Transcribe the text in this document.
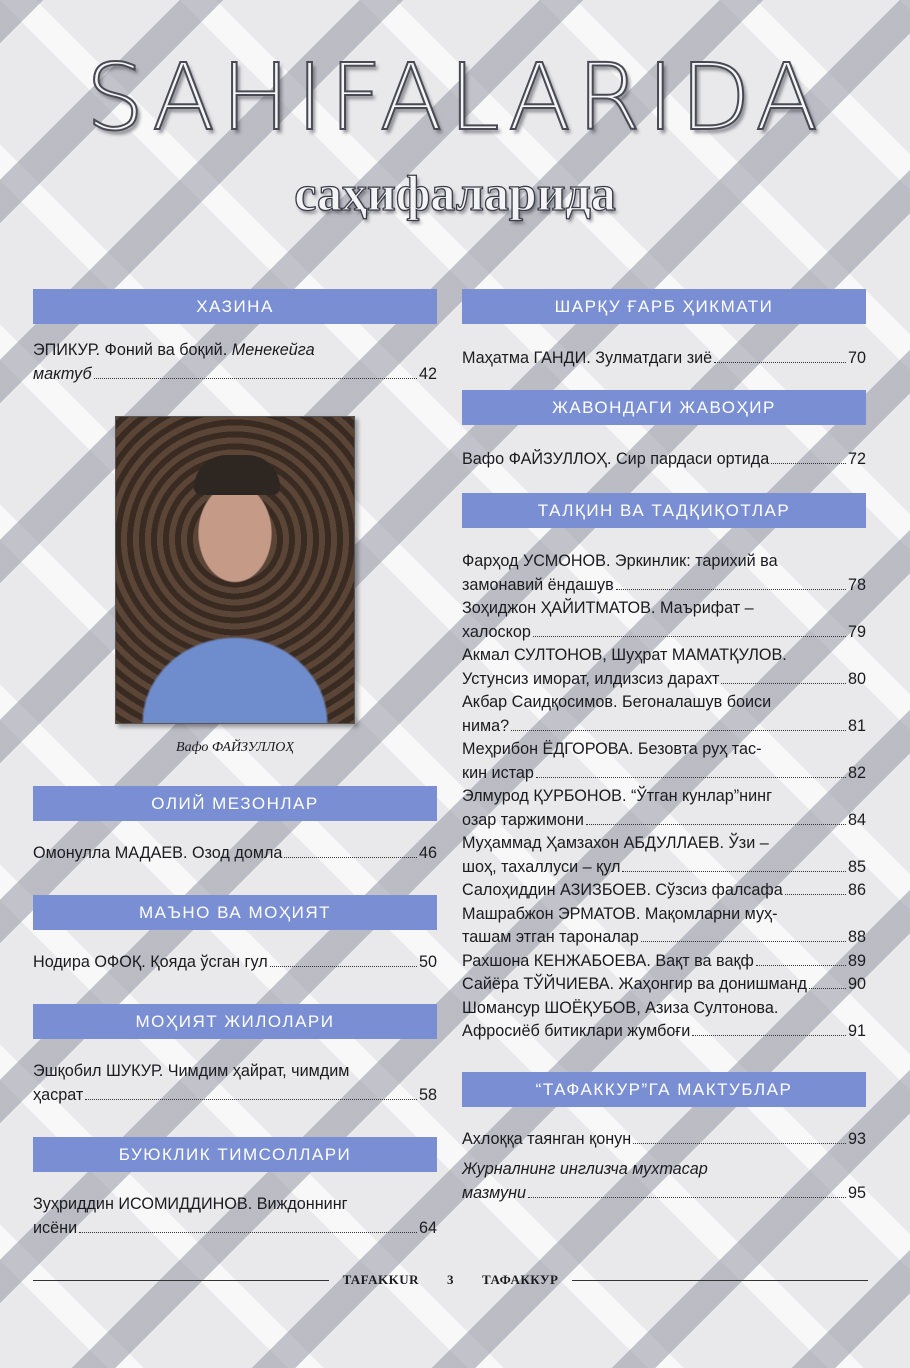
SAHIFALARIDA
саҳифаларида
ХАЗИНА
ЭПИКУР. Фоний ва боқий. Менекейга
мактуб	42
Вафо ФАЙЗУЛЛОҲ
ОЛИЙ МЕЗОНЛАР
Омонулла МАДАЕВ. Озод домла	46
МАЪНО ВА МОҲИЯТ
Нодира ОФОҚ. Қояда ўсган гул	50
МОҲИЯТ ЖИЛОЛАРИ
Эшқобил ШУКУР. Чимдим ҳайрат, чимдим
ҳасрат	58
БУЮКЛИК ТИМСОЛЛАРИ
Зуҳриддин ИСОМИДДИНОВ. Виждоннинг
исёни	64
ШАРҚУ ҒАРБ ҲИКМАТИ
Маҳатма ГАНДИ. Зулматдаги зиё	70
ЖАВОНДАГИ ЖАВОҲИР
Вафо ФАЙЗУЛЛОҲ. Сир пардаси ортида	72
ТАЛҚИН ВА ТАДҚИҚОТЛАР
Фарҳод УСМОНОВ. Эркинлик: тарихий ва
замонавий ёндашув	78
Зоҳиджон ҲАЙИТМАТОВ. Маърифат –
халоскор	79
Акмал СУЛТОНОВ, Шуҳрат МАМАТҚУЛОВ.
Устунсиз иморат, илдизсиз дарахт	80
Акбар Саидқосимов. Бегоналашув боиси
нима?	81
Меҳрибон ЁДГОРОВА. Безовта руҳ тас-
кин истар	82
Элмурод ҚУРБОНОВ. “Ўтган кунлар”нинг
озар таржимони	84
Муҳаммад Ҳамзахон АБДУЛЛАЕВ. Ўзи –
шоҳ, тахаллуси – қул	85
Салоҳиддин АЗИЗБОЕВ. Сўзсиз фалсафа	86
Машрабжон ЭРМАТОВ. Мақомларни муҳ-
ташам этган тароналар	88
Рахшона КЕНЖАБОЕВА. Вақт ва вақф	89
Сайёра ТЎЙЧИЕВА. Жаҳонгир ва донишманд	90
Шомансур ШОЁҚУБОВ, Азиза Султонова.
Афросиёб битиклари жумбоғи	91
“ТАФАККУР”ГА МАКТУБЛАР
Ахлоққа таянган қонун	93
Журналнинг инглизча мухтасар
мазмуни	95
TAFAKKUR 3 ТАФАККУР
